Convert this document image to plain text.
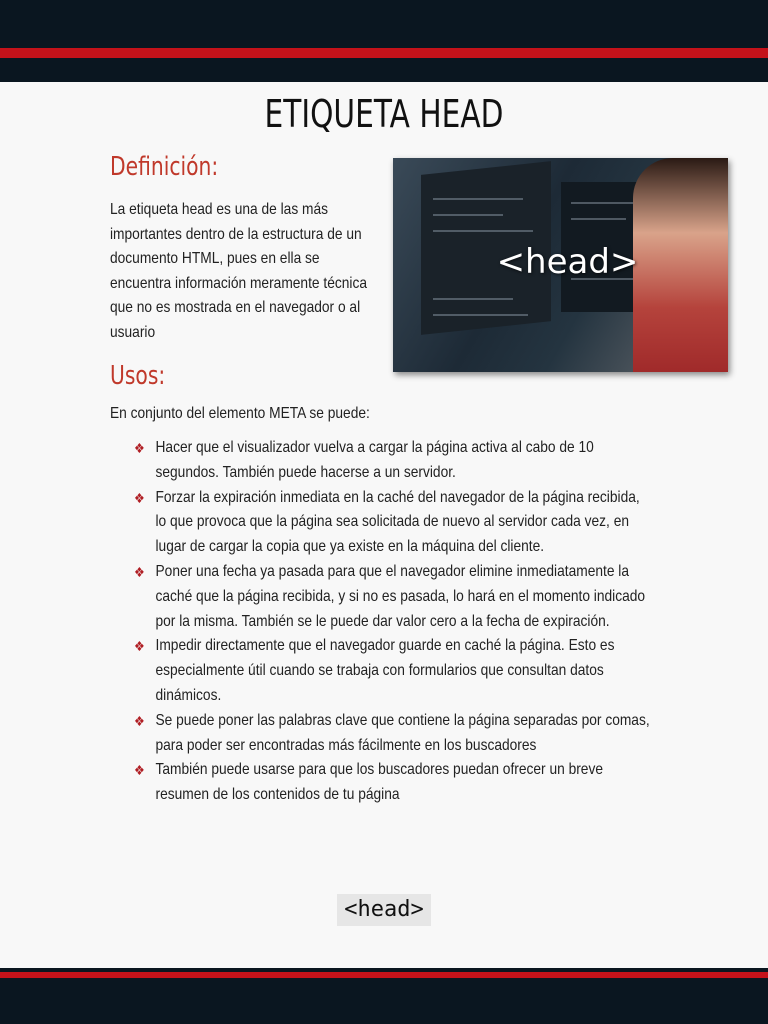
ETIQUETA HEAD
Definición:
La etiqueta head es una de las más importantes dentro de la estructura de un documento HTML, pues en ella se encuentra información meramente técnica que no es mostrada en el navegador o al usuario
<head>
Usos:
En conjunto del elemento META se puede:
❖ Hacer que el visualizador vuelva a cargar la página activa al cabo de 10 segundos. También puede hacerse a un servidor.
❖ Forzar la expiración inmediata en la caché del navegador de la página recibida, lo que provoca que la página sea solicitada de nuevo al servidor cada vez, en lugar de cargar la copia que ya existe en la máquina del cliente.
❖ Poner una fecha ya pasada para que el navegador elimine inmediatamente la caché que la página recibida, y si no es pasada, lo hará en el momento indicado por la misma. También se le puede dar valor cero a la fecha de expiración.
❖ Impedir directamente que el navegador guarde en caché la página. Esto es especialmente útil cuando se trabaja con formularios que consultan datos dinámicos.
❖ Se puede poner las palabras clave que contiene la página separadas por comas, para poder ser encontradas más fácilmente en los buscadores
❖ También puede usarse para que los buscadores puedan ofrecer un breve resumen de los contenidos de tu página
<head>
